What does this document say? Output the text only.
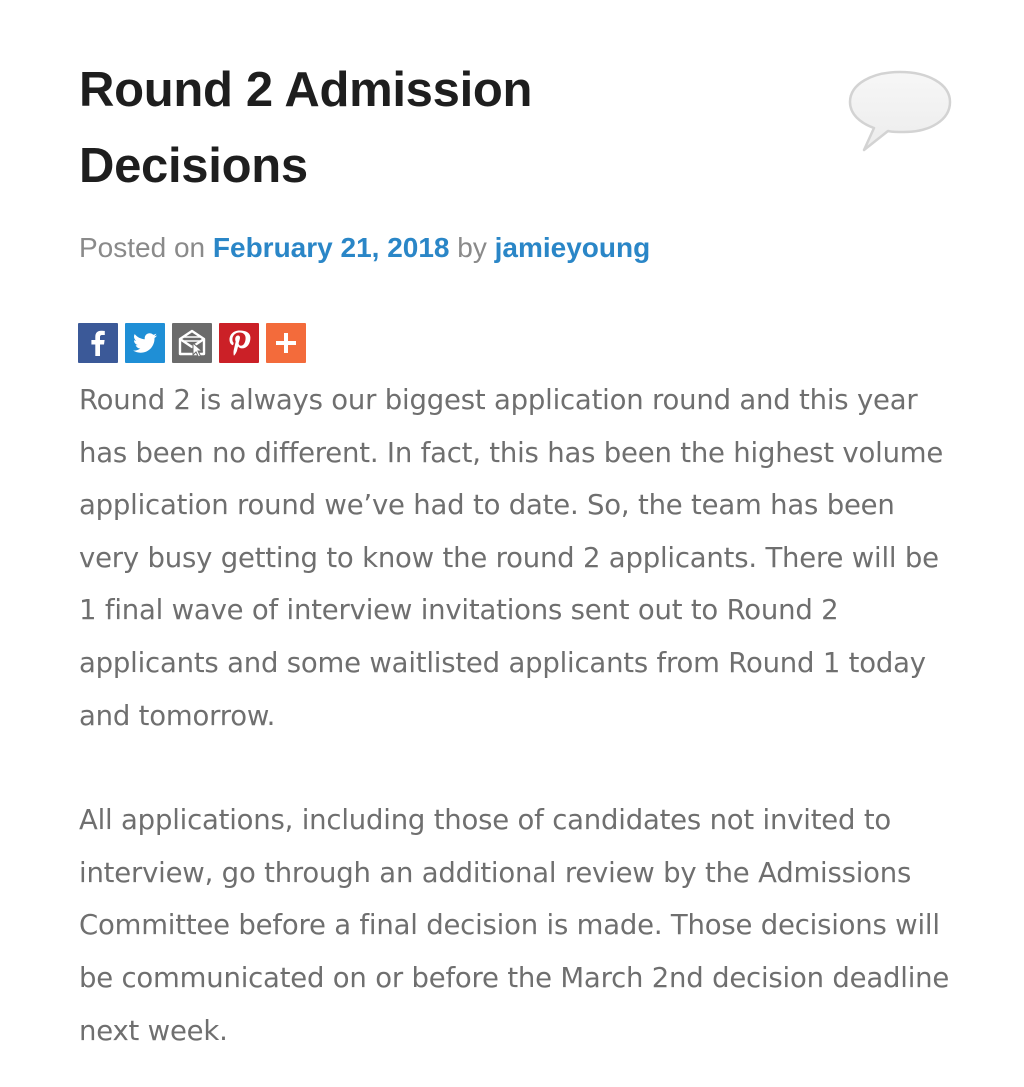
Round 2 Admission Decisions
Posted on February 21, 2018 by jamieyoung

Round 2 is always our biggest application round and this year has been no different. In fact, this has been the highest volume application round we’ve had to date. So, the team has been very busy getting to know the round 2 applicants. There will be 1 final wave of interview invitations sent out to Round 2 applicants and some waitlisted applicants from Round 1 today and tomorrow.

All applications, including those of candidates not invited to interview, go through an additional review by the Admissions Committee before a final decision is made. Those decisions will be communicated on or before the March 2nd decision deadline next week.
